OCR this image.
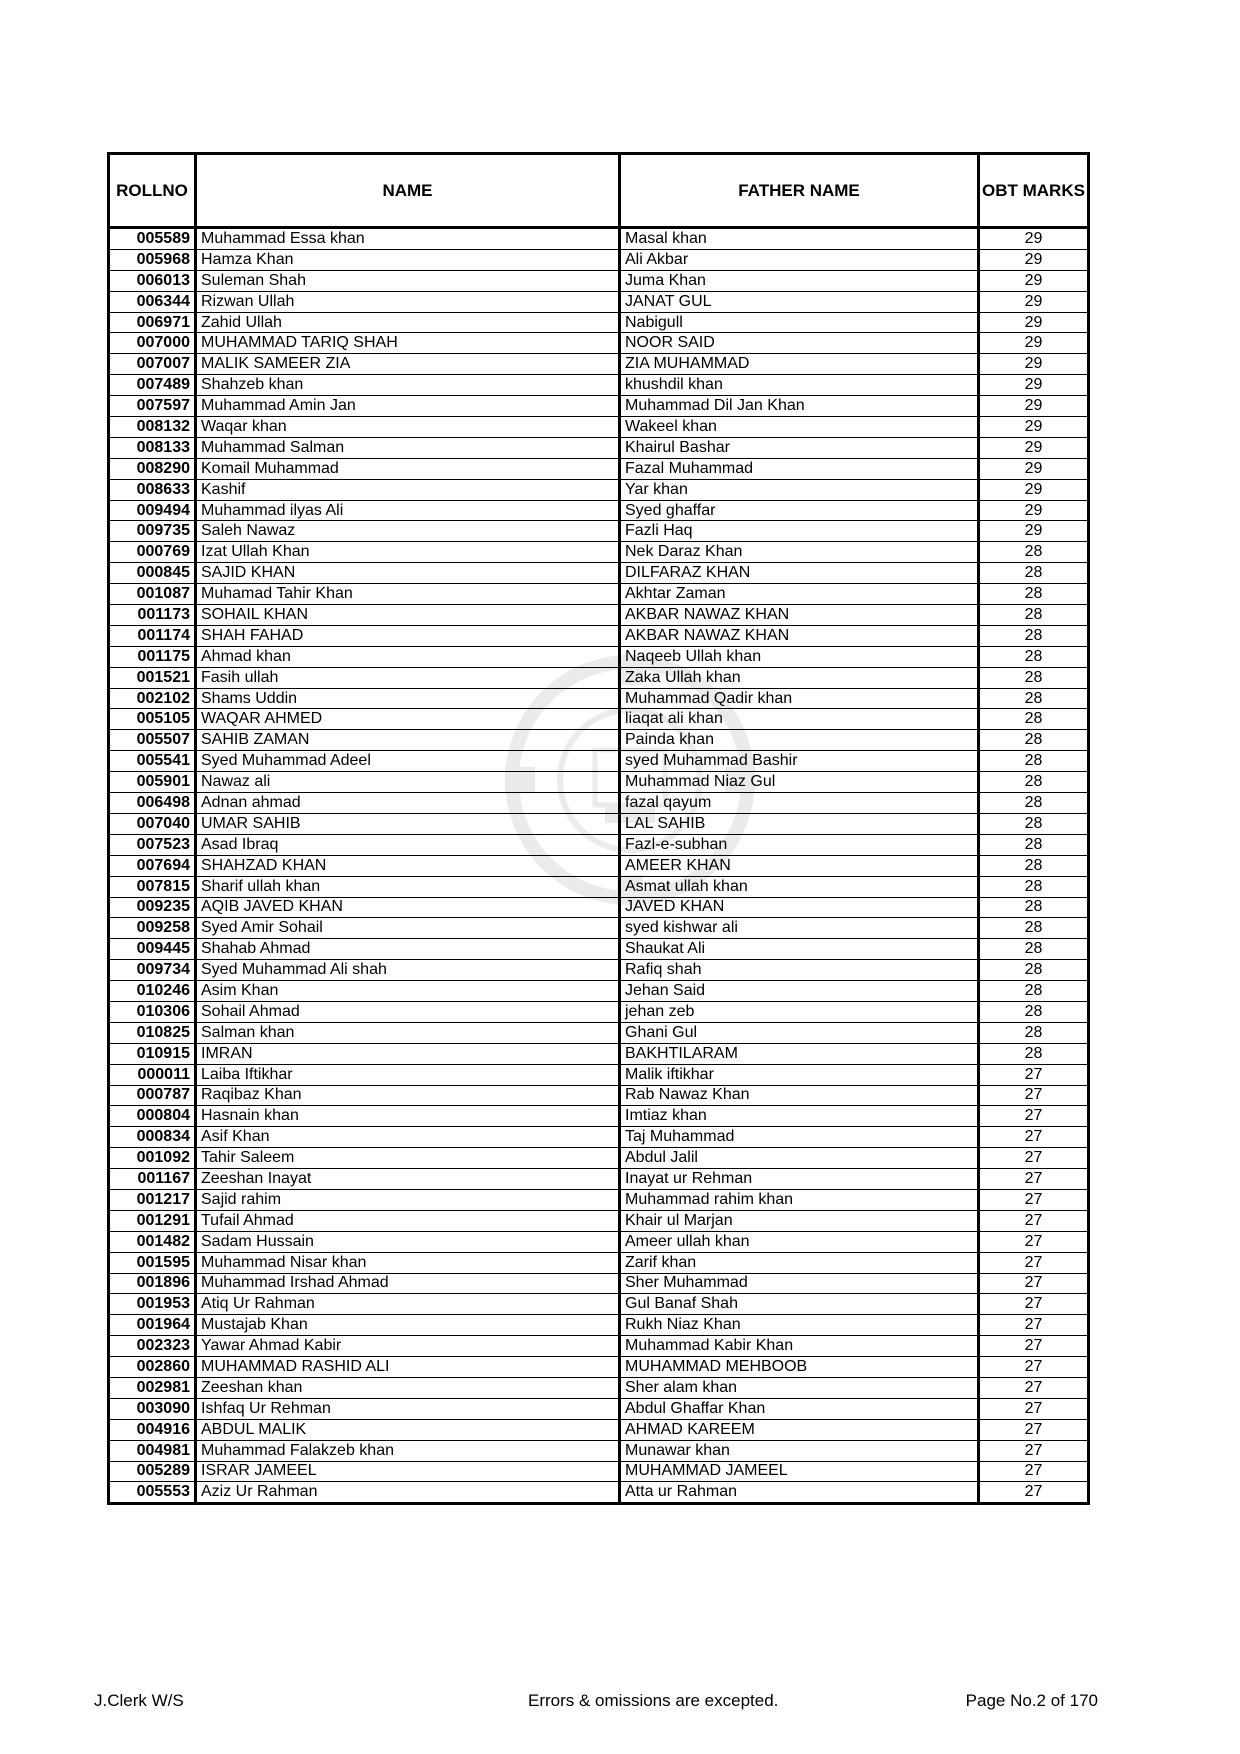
ROLLNO	NAME	FATHER NAME	OBT MARKS
005589	Muhammad Essa khan	Masal khan	29
005968	Hamza Khan	Ali Akbar	29
006013	Suleman Shah	Juma Khan	29
006344	Rizwan Ullah	JANAT GUL	29
006971	Zahid Ullah	Nabigull	29
007000	MUHAMMAD TARIQ SHAH	NOOR SAID	29
007007	MALIK SAMEER ZIA	ZIA MUHAMMAD	29
007489	Shahzeb khan	khushdil khan	29
007597	Muhammad Amin Jan	Muhammad Dil Jan Khan	29
008132	Waqar khan	Wakeel khan	29
008133	Muhammad Salman	Khairul Bashar	29
008290	Komail Muhammad	Fazal Muhammad	29
008633	Kashif	Yar khan	29
009494	Muhammad ilyas Ali	Syed ghaffar	29
009735	Saleh Nawaz	Fazli Haq	29
000769	Izat Ullah Khan	Nek Daraz Khan	28
000845	SAJID KHAN	DILFARAZ KHAN	28
001087	Muhamad Tahir Khan	Akhtar Zaman	28
001173	SOHAIL KHAN	AKBAR NAWAZ KHAN	28
001174	SHAH FAHAD	AKBAR NAWAZ KHAN	28
001175	Ahmad khan	Naqeeb Ullah khan	28
001521	Fasih ullah	Zaka Ullah khan	28
002102	Shams Uddin	Muhammad Qadir khan	28
005105	WAQAR AHMED	liaqat ali khan	28
005507	SAHIB ZAMAN	Painda khan	28
005541	Syed Muhammad Adeel	syed Muhammad Bashir	28
005901	Nawaz ali	Muhammad Niaz Gul	28
006498	Adnan ahmad	fazal qayum	28
007040	UMAR SAHIB	LAL SAHIB	28
007523	Asad Ibraq	Fazl-e-subhan	28
007694	SHAHZAD KHAN	AMEER KHAN	28
007815	Sharif ullah khan	Asmat ullah khan	28
009235	AQIB JAVED KHAN	JAVED KHAN	28
009258	Syed Amir Sohail	syed kishwar ali	28
009445	Shahab Ahmad	Shaukat Ali	28
009734	Syed Muhammad Ali shah	Rafiq shah	28
010246	Asim Khan	Jehan Said	28
010306	Sohail Ahmad	jehan zeb	28
010825	Salman khan	Ghani Gul	28
010915	IMRAN	BAKHTILARAM	28
000011	Laiba Iftikhar	Malik iftikhar	27
000787	Raqibaz Khan	Rab Nawaz Khan	27
000804	Hasnain khan	Imtiaz khan	27
000834	Asif Khan	Taj Muhammad	27
001092	Tahir Saleem	Abdul Jalil	27
001167	Zeeshan Inayat	Inayat ur Rehman	27
001217	Sajid rahim	Muhammad rahim khan	27
001291	Tufail Ahmad	Khair ul Marjan	27
001482	Sadam Hussain	Ameer ullah khan	27
001595	Muhammad Nisar khan	Zarif khan	27
001896	Muhammad Irshad Ahmad	Sher Muhammad	27
001953	Atiq Ur Rahman	Gul Banaf Shah	27
001964	Mustajab Khan	Rukh Niaz Khan	27
002323	Yawar Ahmad Kabir	Muhammad Kabir Khan	27
002860	MUHAMMAD RASHID ALI	MUHAMMAD MEHBOOB	27
002981	Zeeshan khan	Sher alam khan	27
003090	Ishfaq Ur Rehman	Abdul Ghaffar Khan	27
004916	ABDUL MALIK	AHMAD KAREEM	27
004981	Muhammad Falakzeb khan	Munawar khan	27
005289	ISRAR JAMEEL	MUHAMMAD JAMEEL	27
005553	Aziz Ur Rahman	Atta ur Rahman	27
J.Clerk W/S	Errors & omissions are excepted.	Page No.2 of 170
